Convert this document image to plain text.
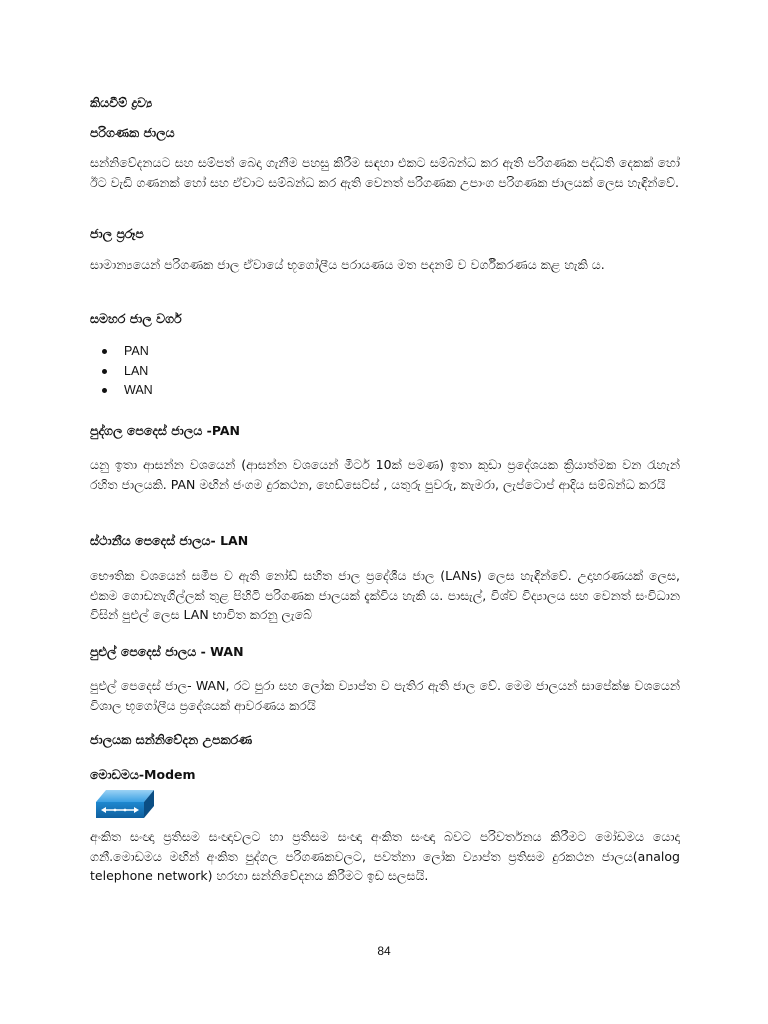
කියවීම් ද්‍රව්‍ය
පරිගණක ජාලය

සන්නිවේදනයට සහ සම්පත් බෙදා ගැනීම පහසු කිරීම සඳහා එකට සම්බන්ධ කර ඇති පරිගණක පද්ධති දෙකක් හෝ ඊට වැඩි ගණනක් හෝ සහ ඒවාට සම්බන්ධ කර ඇති වෙනත් පරිගණක උපාංග පරිගණක ජාලයක් ලෙස හැඳින්වේ.

ජාල ප්‍රරූප

සාමාන්‍යයෙන් පරිගණක ජාල ඒවායේ භූගෝලීය පරායණය මත පදනම් ව වර්ගීකරණය කළ හැකි ය.

සමහර ජාල වර්ග
PAN
LAN
WAN
පුද්ගල පෙදෙස් ජාලය -PAN

යනු ඉතා ආසන්න වශයෙන් (ආසන්න වශයෙන් මීටර් 10ක් පමණ) ඉතා කුඩා ප්‍රදේශයක ක්‍රියාත්මක වන රැහැන් රහිත ජාලයකි. PAN මඟින් ජංගම දුරකථන, හෙඩ්සෙට්ස් , යතුරු පුවරු, කැමරා, ලැප්ටොප් ආදිය සම්බන්ධ කරයි

ස්ථානීය පෙදෙස් ජාලය- LAN

භෞතික වශයෙන් සමීප ව ඇති නෝඩ් සහිත ජාල ප්‍රදේශීය ජාල (LANs) ලෙස හැඳින්වේ. උදාහරණයක් ලෙස, එකම ගොඩනැගිල්ලක් තුළ පිහිටි පරිගණක ජාලයක් දැක්විය හැකි ය. පාසැල්, විශ්ව විද්‍යාලය සහ වෙනත් සංවිධාන විසින් පුළුල් ලෙස LAN භාවිත කරනු ලැබේ

පුළුල් පෙදෙස් ජාලය - WAN

පුළුල් පෙදෙස් ජාල- WAN, රට පුරා සහ ලෝක ව්‍යාප්ත ව පැතිර ඇති ජාල වේ. මෙම ජාලයන් සාපේක්ෂ වශයෙන් විශාල භූගෝලීය ප්‍රදේශයක් ආවරණය කරයි

ජාලයක සන්නිවේදන උපකරණ
මොඩමය-Modem

අංකිත සංඥා ප්‍රතිසම සංඥාවලට හා ප්‍රතිසම සංඥා අංකිත සංඥා බවට පරිවර්තනය කිරීමට මෝඩමය යොදා ගනී.මොඩමය මඟින් අංකිත පුද්ගල පරිගණකවලට, පවත්නා ලෝක ව්‍යාප්ත ප්‍රතිසම දුරකථන ජාලය(analog telephone network) හරහා සන්නිවේදනය කිරීමට ඉඩ සලසයි.

84
